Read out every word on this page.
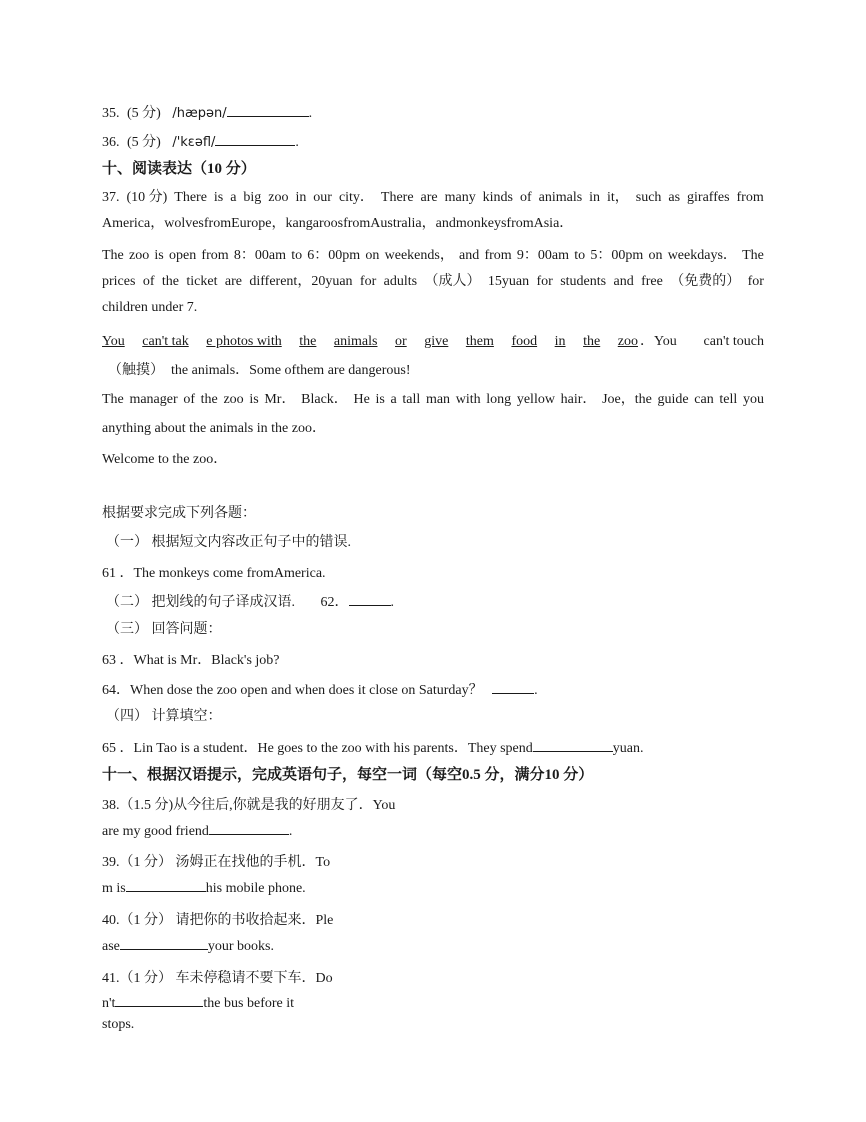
35. (5 分) /hæpən/	.
36. (5 分) /'kɛəfl/	.
十、阅读表达（10 分）
37. (10 分) There is a big zoo in our city． There are many kinds of animals in it， such as giraffes from
America，wolvesfromEurope，kangaroosfromAustralia，andmonkeysfromAsia．
The zoo is open from 8：00am to 6：00pm on weekends， and from 9：00am to 5：00pm on weekdays． The
prices of the ticket are different，20yuan for adults （成人） 15yuan for students and free （免费的） for
children under 7.
You can't tak e photos with the animals or give them food in the zoo ．You can't touch
（触摸）　the animals．Some ofthem are dangerous!
The manager of the zoo is Mr． Black． He is a tall man with long yellow hair． Joe，the guide can tell you
anything about the animals in the zoo．
Welcome to the zoo．
根据要求完成下列各题：
（一） 根据短文内容改正句子中的错误.
61 ．The monkeys come fromAmerica.
（二） 把划线的句子译成汉语. 62．	.
（三） 回答问题：
63 ．What is Mr．Black's job?
64．When dose the zoo open and when does it close on Saturday？	.
（四） 计算填空：
65 ．Lin Tao is a student．He goes to the zoo with his parents．They spend	yuan.
十一、根据汉语提示，完成英语句子，每空一词（每空0.5 分，满分10 分）
38.（1.5 分)从今往后,你就是我的好朋友了．You
are my good friend	.
39.（1 分） 汤姆正在找他的手机．To
m is	his mobile phone.
40.（1 分） 请把你的书收拾起来．Ple
ase	your books.
41.（1 分） 车未停稳请不要下车．Do
n't	the bus before it
stops.
